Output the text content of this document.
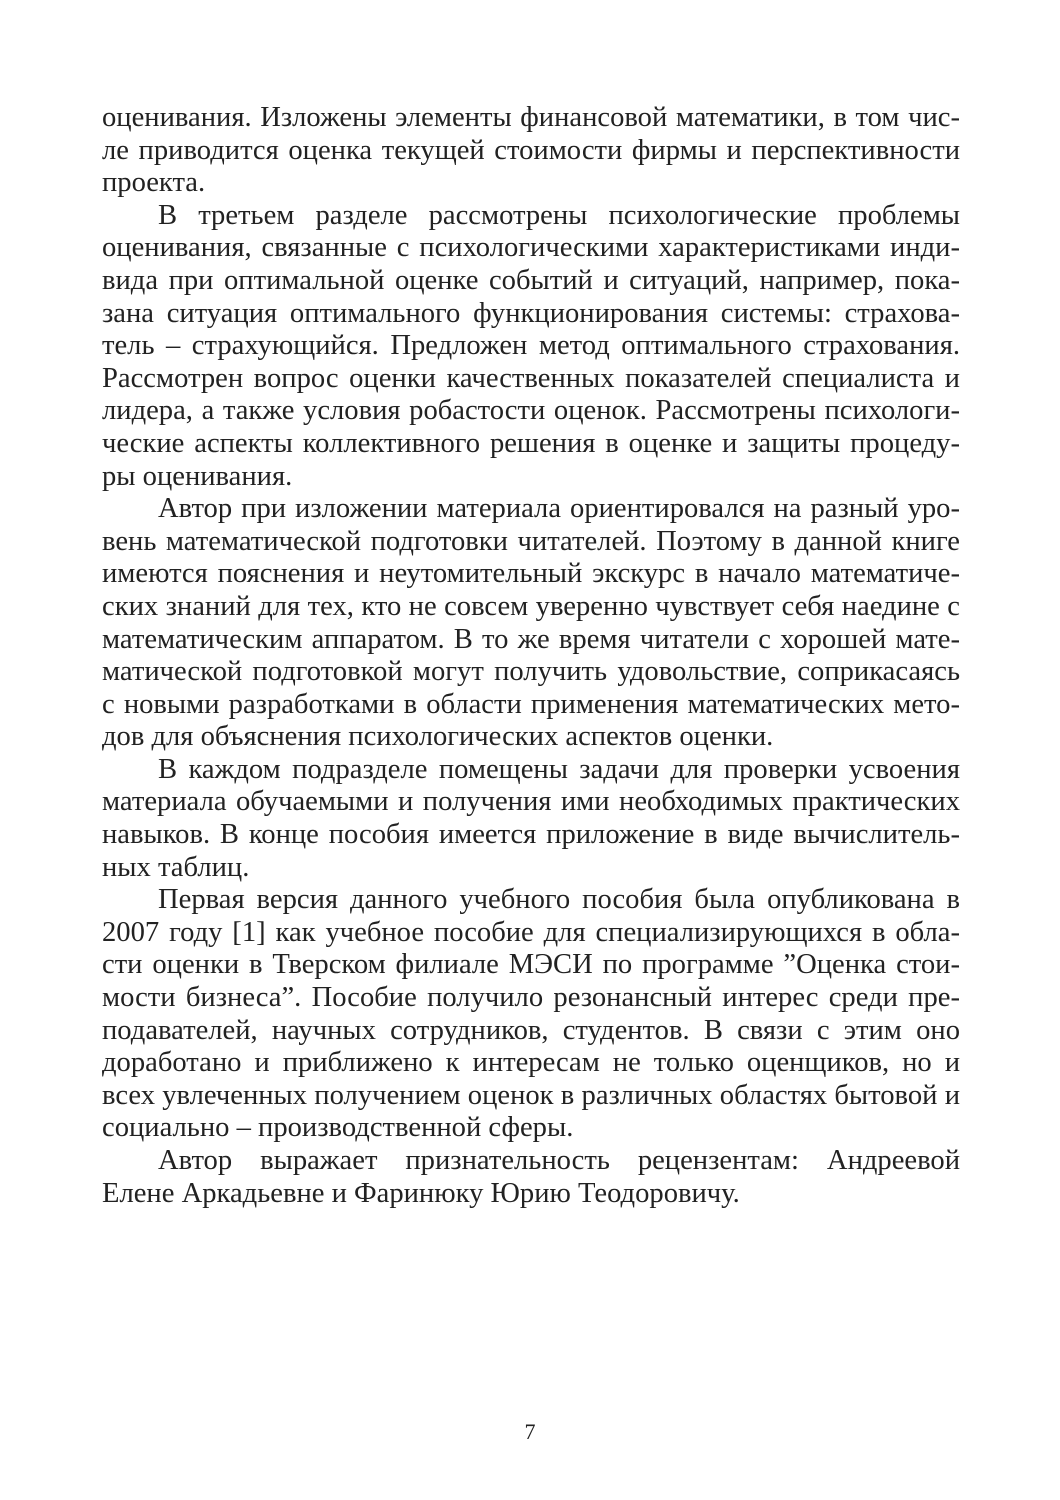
оценивания. Изложены элементы финансовой математики, в том чис-
ле приводится оценка текущей стоимости фирмы и перспективности
проекта.

В третьем разделе рассмотрены психологические проблемы
оценивания, связанные с психологическими характеристиками инди-
вида при оптимальной оценке событий и ситуаций, например, пока-
зана ситуация оптимального функционирования системы: страхова-
тель – страхующийся. Предложен метод оптимального страхования.
Рассмотрен вопрос оценки качественных показателей специалиста и
лидера, а также условия робастости оценок. Рассмотрены психологи-
ческие аспекты коллективного решения в оценке и защиты процеду-
ры оценивания.

Автор при изложении материала ориентировался на разный уро-
вень математической подготовки читателей. Поэтому в данной книге
имеются пояснения и неутомительный экскурс в начало математиче-
ских знаний для тех, кто не совсем уверенно чувствует себя наедине с
математическим аппаратом. В то же время читатели с хорошей мате-
матической подготовкой могут получить удовольствие, соприкасаясь
с новыми разработками в области применения математических мето-
дов для объяснения психологических аспектов оценки.

В каждом подразделе помещены задачи для проверки усвоения
материала обучаемыми и получения ими необходимых практических
навыков. В конце пособия имеется приложение в виде вычислитель-
ных таблиц.

Первая версия данного учебного пособия была опубликована в
2007 году [1] как учебное пособие для специализирующихся в обла-
сти оценки в Тверском филиале МЭСИ по программе ”Оценка стои-
мости бизнеса”. Пособие получило резонансный интерес среди пре-
подавателей, научных сотрудников, студентов. В связи с этим оно
доработано и приближено к интересам не только оценщиков, но и
всех увлеченных получением оценок в различных областях бытовой и
социально – производственной сферы.

Автор выражает признательность рецензентам: Андреевой
Елене Аркадьевне и Фаринюку Юрию Теодоровичу.

7
